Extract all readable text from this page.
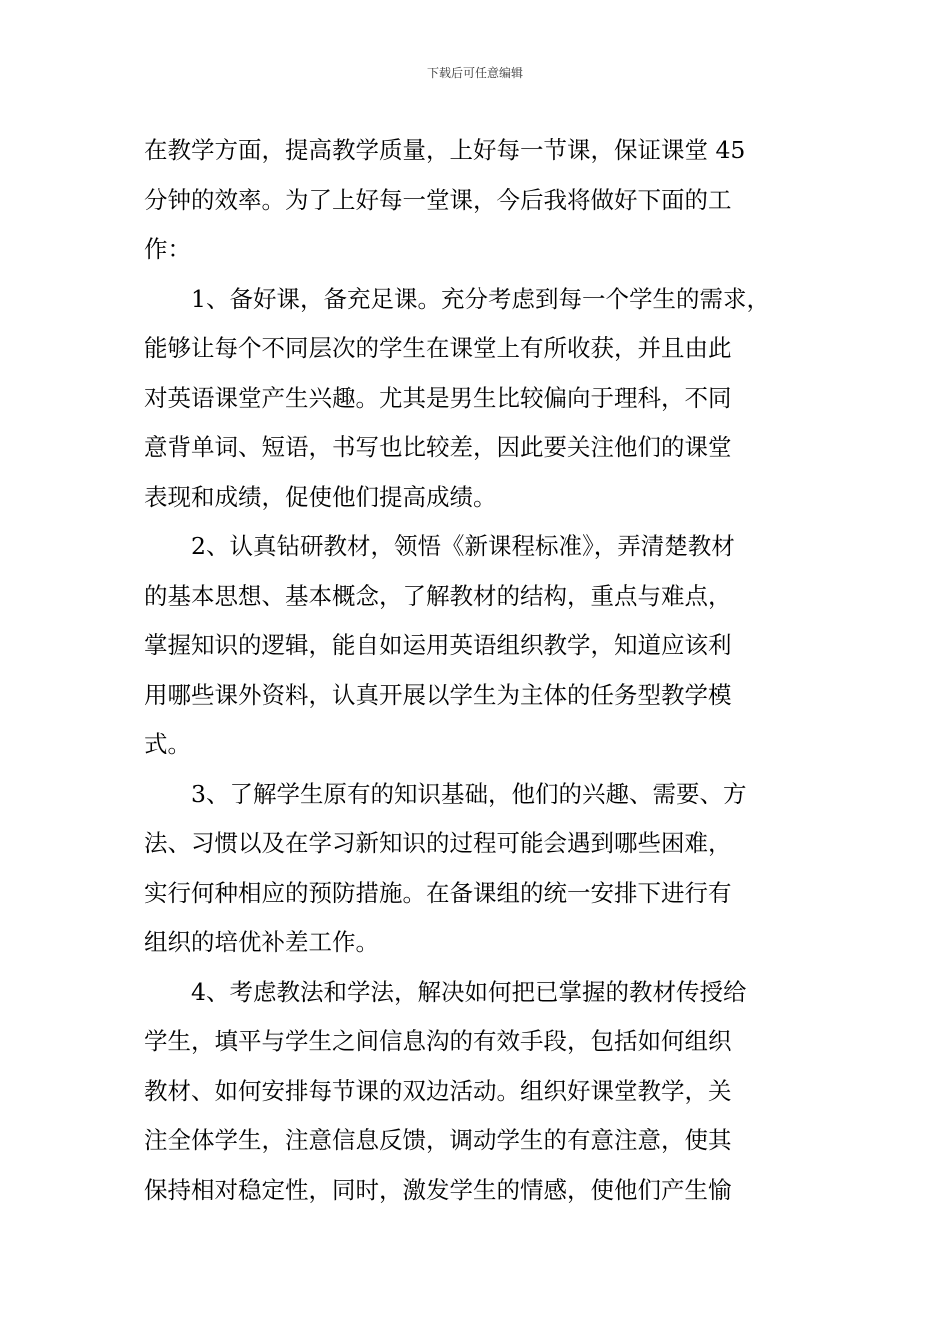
下载后可任意编辑
在教学方面，提高教学质量，上好每一节课，保证课堂 45
分钟的效率。为了上好每一堂课，今后我将做好下面的工
作：
1、备好课，备充足课。充分考虑到每一个学生的需求，
能够让每个不同层次的学生在课堂上有所收获，并且由此
对英语课堂产生兴趣。尤其是男生比较偏向于理科，不同
意背单词、短语，书写也比较差，因此要关注他们的课堂
表现和成绩，促使他们提高成绩。
2、认真钻研教材，领悟《新课程标准》，弄清楚教材
的基本思想、基本概念，了解教材的结构，重点与难点，
掌握知识的逻辑，能自如运用英语组织教学，知道应该利
用哪些课外资料，认真开展以学生为主体的任务型教学模
式。
3、了解学生原有的知识基础，他们的兴趣、需要、方
法、习惯以及在学习新知识的过程可能会遇到哪些困难，
实行何种相应的预防措施。在备课组的统一安排下进行有
组织的培优补差工作。
4、考虑教法和学法，解决如何把已掌握的教材传授给
学生，填平与学生之间信息沟的有效手段，包括如何组织
教材、如何安排每节课的双边活动。组织好课堂教学，关
注全体学生，注意信息反馈，调动学生的有意注意，使其
保持相对稳定性，同时，激发学生的情感，使他们产生愉
